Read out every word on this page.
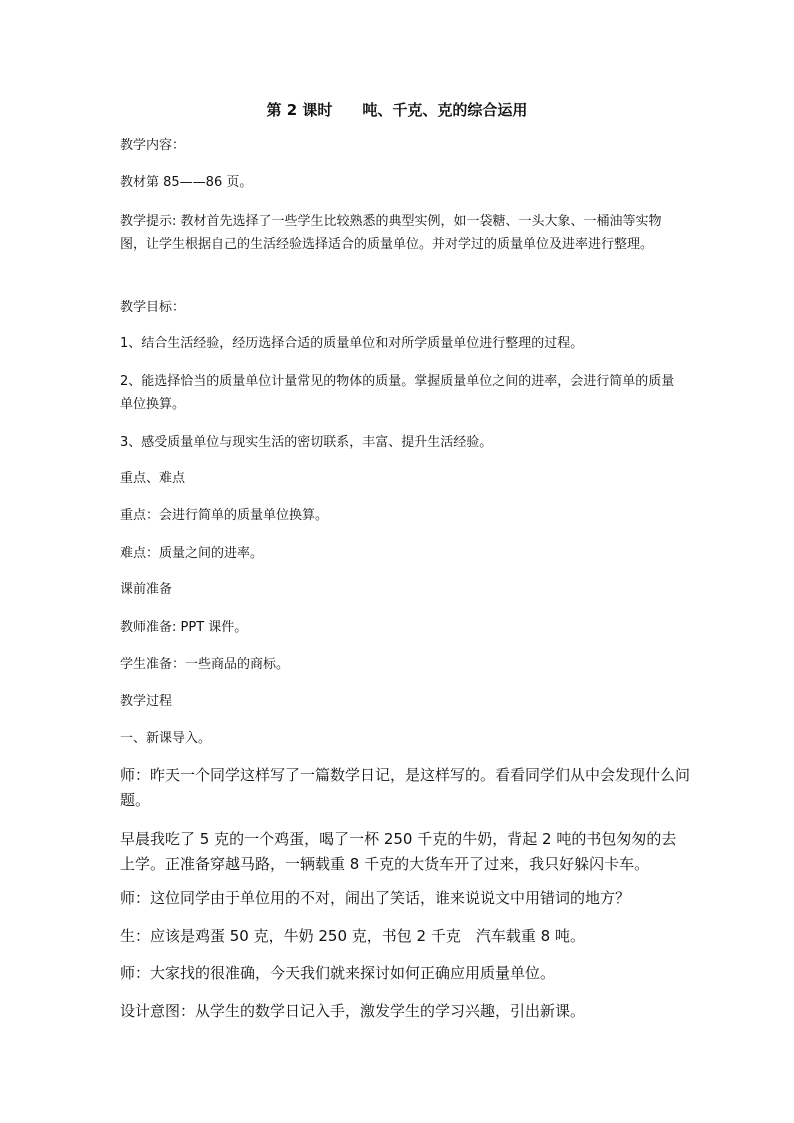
第 2 课时　　吨、千克、克的综合运用

教学内容：

教材第 85——86 页。

教学提示: 教材首先选择了一些学生比较熟悉的典型实例，如一袋糖、一头大象、一桶油等实物图，让学生根据自己的生活经验选择适合的质量单位。并对学过的质量单位及进率进行整理。

教学目标：

1、结合生活经验，经历选择合适的质量单位和对所学质量单位进行整理的过程。

2、能选择恰当的质量单位计量常见的物体的质量。掌握质量单位之间的进率，会进行简单的质量单位换算。

3、感受质量单位与现实生活的密切联系，丰富、提升生活经验。

重点、难点

重点：会进行简单的质量单位换算。

难点：质量之间的进率。

课前准备

教师准备: PPT 课件。

学生准备：一些商品的商标。

教学过程

一、新课导入。

师：昨天一个同学这样写了一篇数学日记，是这样写的。看看同学们从中会发现什么问题。

早晨我吃了 5 克的一个鸡蛋，喝了一杯 250 千克的牛奶，背起 2 吨的书包匆匆的去上学。正准备穿越马路，一辆载重 8 千克的大货车开了过来，我只好躲闪卡车。

师：这位同学由于单位用的不对，闹出了笑话，谁来说说文中用错词的地方？

生：应该是鸡蛋 50 克，牛奶 250 克，书包 2 千克　汽车载重 8 吨。

师：大家找的很准确，今天我们就来探讨如何正确应用质量单位。

设计意图：从学生的数学日记入手，激发学生的学习兴趣，引出新课。
